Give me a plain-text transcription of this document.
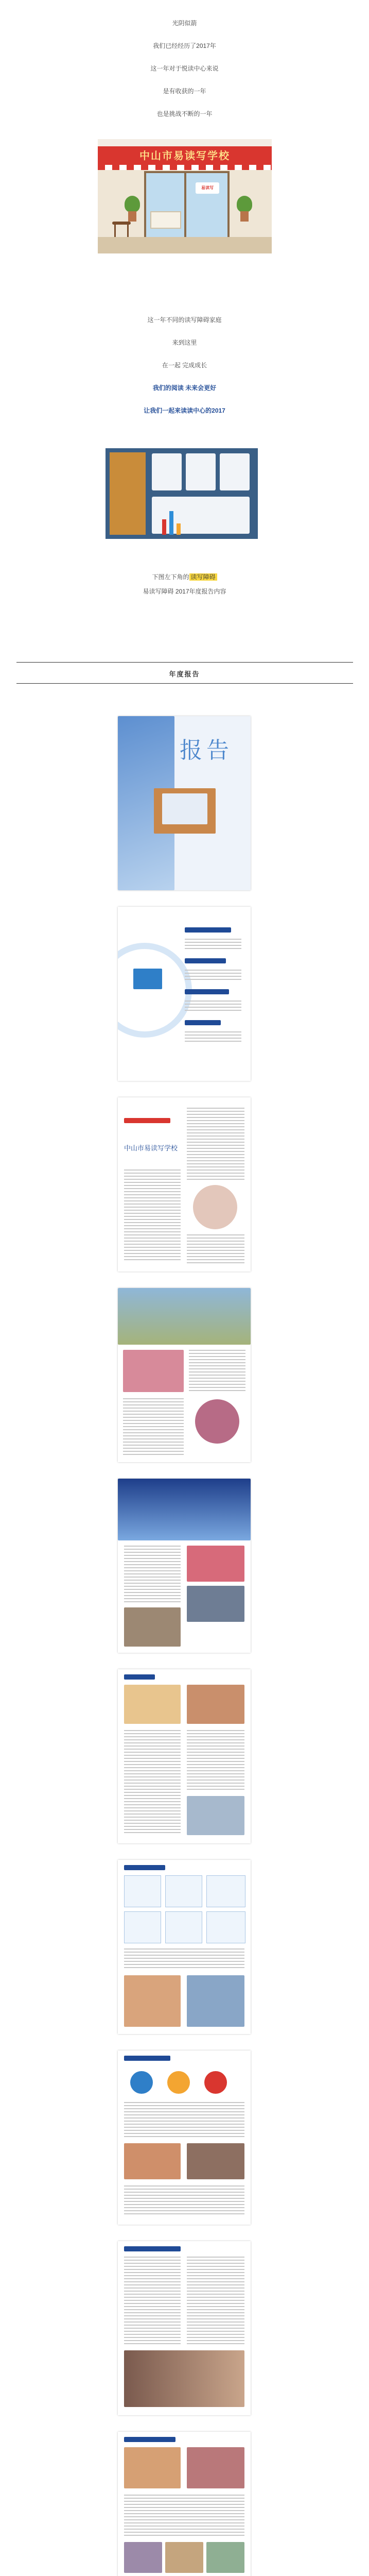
光阴似箭

我们已经经历了2017年

这一年对于悦读中心来说

是有收获的一年

也是挑战不断的一年

中山市易读写学校
易读写

这一年不同的读写障碍家庭

来到这里

在一起 完成成长

我们的阅读 未来会更好

让我们一起来读读中心的2017

下图左下角的 读写障碍
易读写障碍 2017年度报告内容
年度报告
报告
中山市易读写学校
